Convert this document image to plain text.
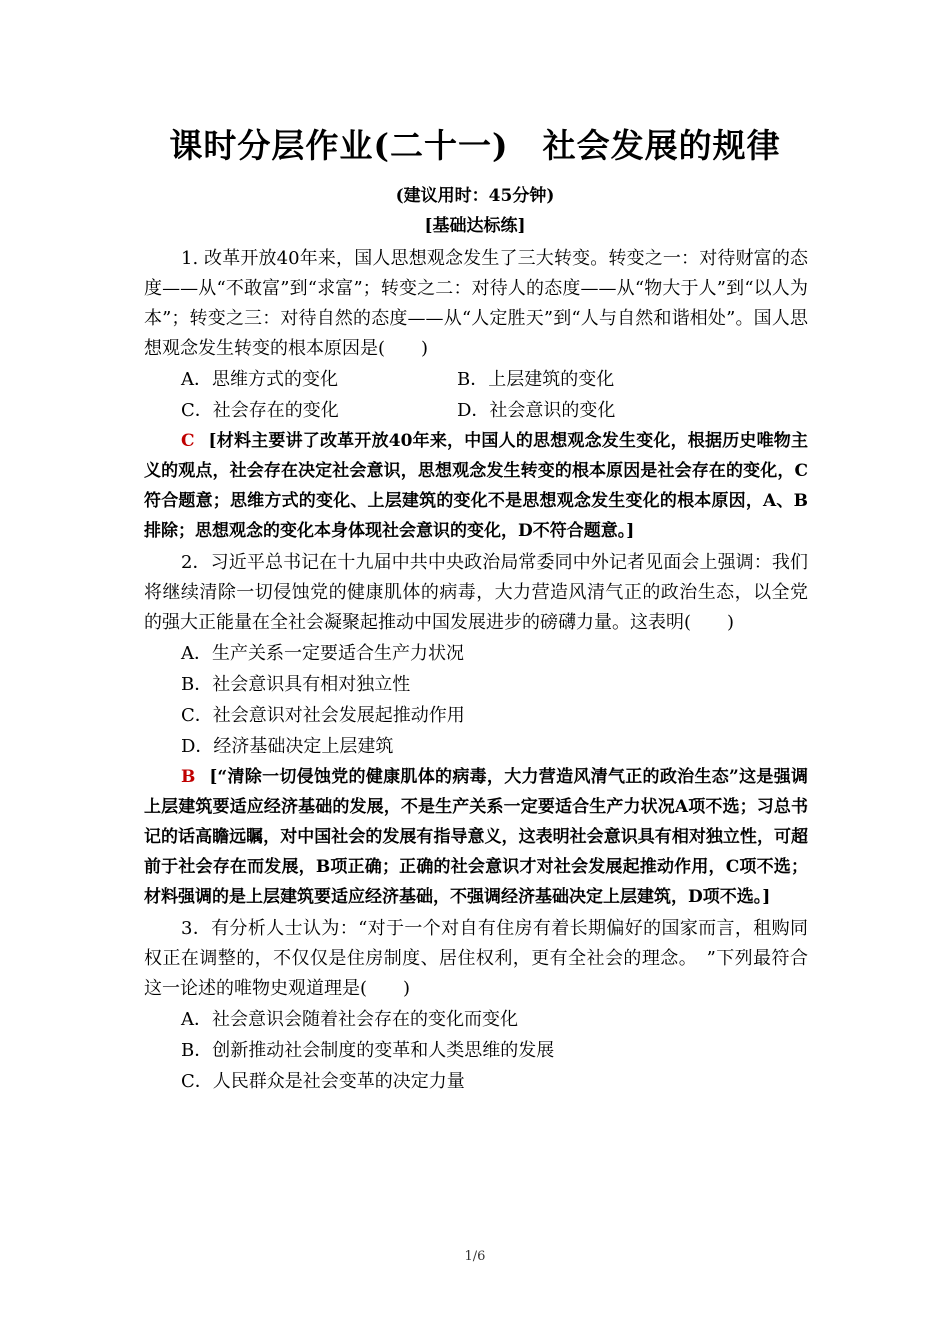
课时分层作业(二十一) 社会发展的规律
(建议用时：45分钟)
[基础达标练]

1. 改革开放40年来，国人思想观念发生了三大转变。转变之一：对待财富的态度——从“不敢富”到“求富”；转变之二：对待人的态度——从“物大于人”到“以人为本”；转变之三：对待自然的态度——从“人定胜天”到“人与自然和谐相处”。国人思想观念发生转变的根本原因是(　　)

A．思维方式的变化	B．上层建筑的变化
C．社会存在的变化	D．社会意识的变化

C [材料主要讲了改革开放40年来，中国人的思想观念发生变化，根据历史唯物主义的观点，社会存在决定社会意识，思想观念发生转变的根本原因是社会存在的变化，C符合题意；思维方式的变化、上层建筑的变化不是思想观念发生变化的根本原因，A、B排除；思想观念的变化本身体现社会意识的变化，D不符合题意。]

2．习近平总书记在十九届中共中央政治局常委同中外记者见面会上强调：我们将继续清除一切侵蚀党的健康肌体的病毒，大力营造风清气正的政治生态，以全党的强大正能量在全社会凝聚起推动中国发展进步的磅礴力量。这表明(　　)

A．生产关系一定要适合生产力状况

B．社会意识具有相对独立性

C．社会意识对社会发展起推动作用

D．经济基础决定上层建筑

B [“清除一切侵蚀党的健康肌体的病毒，大力营造风清气正的政治生态”这是强调上层建筑要适应经济基础的发展，不是生产关系一定要适合生产力状况A项不选；习总书记的话高瞻远瞩，对中国社会的发展有指导意义，这表明社会意识具有相对独立性，可超前于社会存在而发展，B项正确；正确的社会意识才对社会发展起推动作用，C项不选；材料强调的是上层建筑要适应经济基础，不强调经济基础决定上层建筑，D项不选。]

3．有分析人士认为：“对于一个对自有住房有着长期偏好的国家而言，租购同权正在调整的，不仅仅是住房制度、居住权利，更有全社会的理念。　”下列最符合这一论述的唯物史观道理是(　　)

A．社会意识会随着社会存在的变化而变化

B．创新推动社会制度的变革和人类思维的发展

C．人民群众是社会变革的决定力量

1/6
